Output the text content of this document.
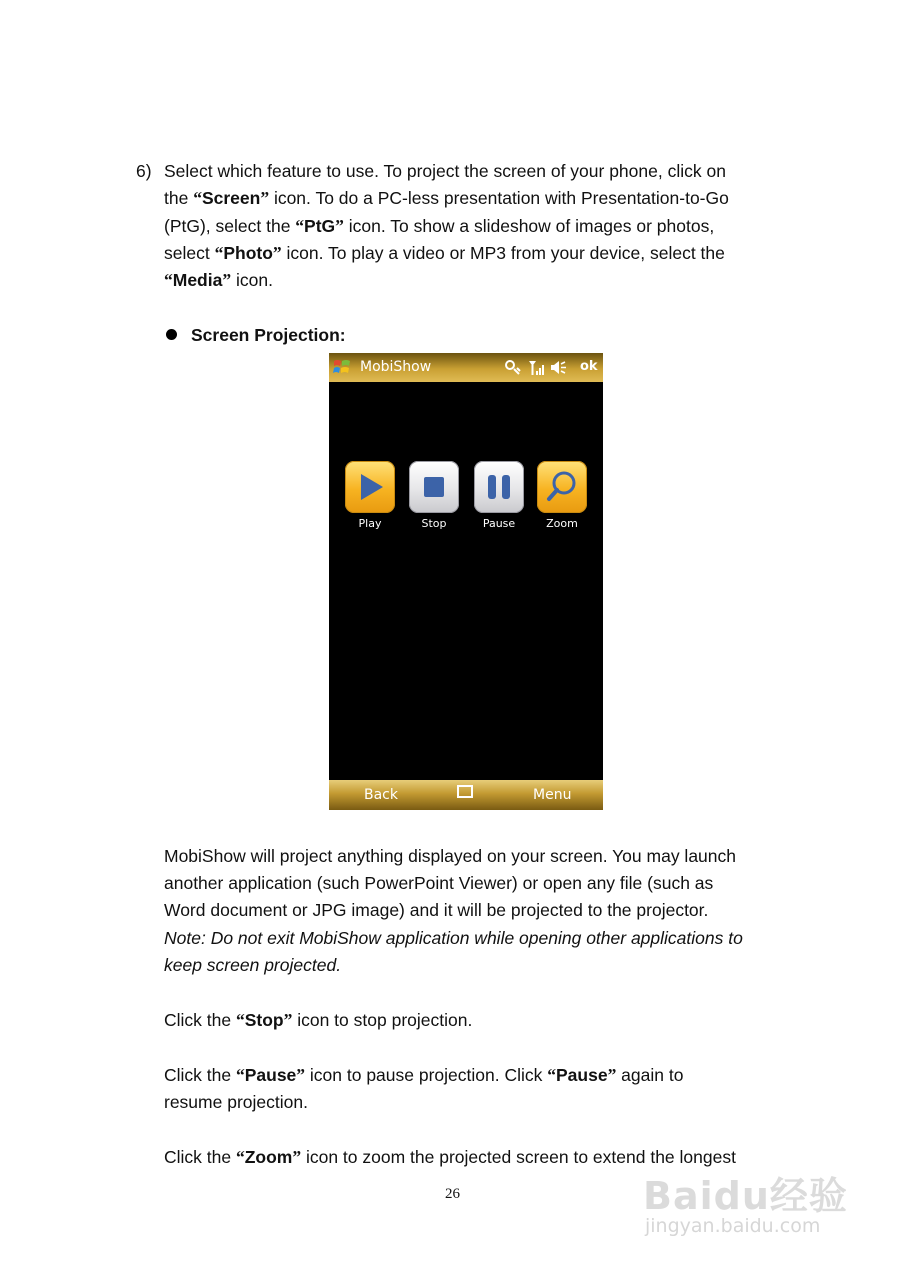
6) Select which feature to use. To project the screen of your phone, click on
the “Screen” icon. To do a PC-less presentation with Presentation-to-Go
(PtG), select the “PtG” icon. To show a slideshow of images or photos,
select “Photo” icon. To play a video or MP3 from your device, select the
“Media” icon.
Screen Projection:
MobiShow	ok
Play	Stop	Pause	Zoom
Back	Menu
MobiShow will project anything displayed on your screen. You may launch
another application (such PowerPoint Viewer) or open any file (such as
Word document or JPG image) and it will be projected to the projector.
Note: Do not exit MobiShow application while opening other applications to
keep screen projected.
Click the “Stop” icon to stop projection.
Click the “Pause” icon to pause projection. Click “Pause” again to
resume projection.
Click the “Zoom” icon to zoom the projected screen to extend the longest
26	Baidu经验
jingyan.baidu.com
